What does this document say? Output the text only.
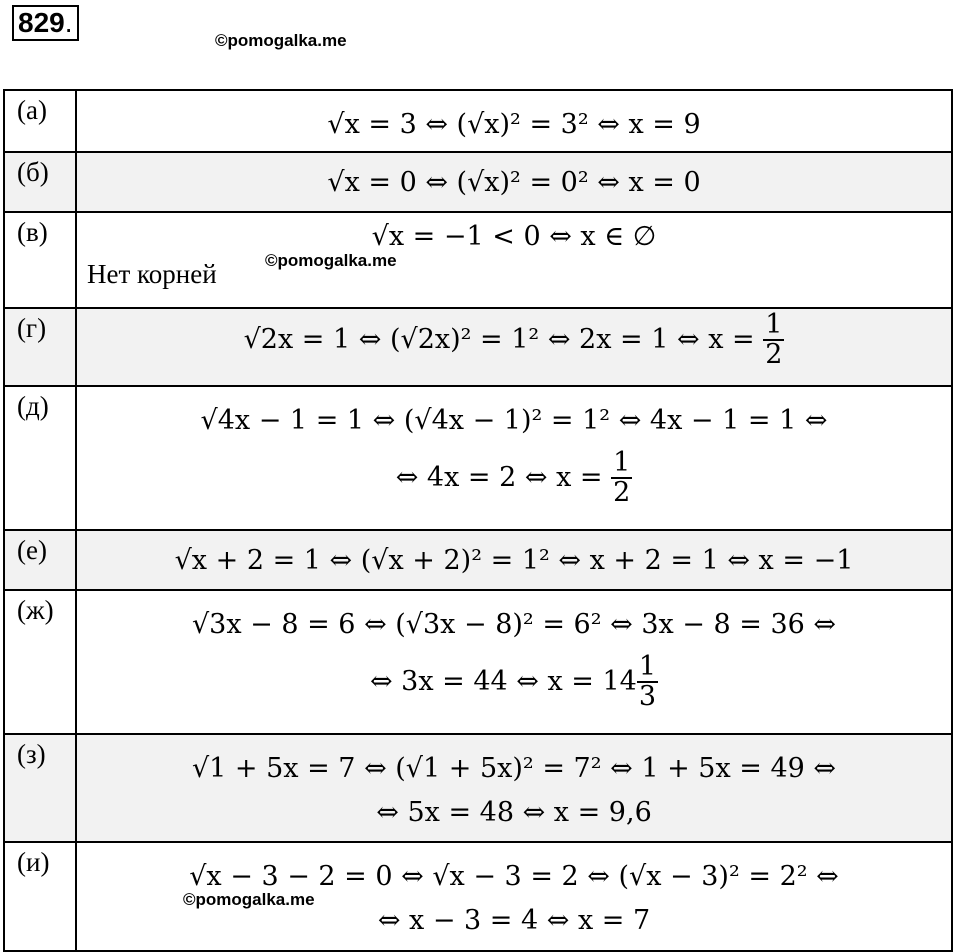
829.
©pomogalka.me
(а)	√x = 3 ⇔ (√x)² = 3² ⇔ x = 9

(б)	√x = 0 ⇔ (√x)² = 0² ⇔ x = 0

(в)	√x = −1 < 0 ⇔ x ∈ ∅
Нет корней ©pomogalka.me

(г)	√2x = 1 ⇔ (√2x)² = 1² ⇔ 2x = 1 ⇔ $x = \frac{1}{2}$

(д)	√4x − 1 = 1 ⇔ (√4x − 1)² = 1² ⇔ 4x − 1 = 1 ⇔
⇔ 4x = 2 ⇔ $x = \frac{1}{2}$

(е)	√x + 2 = 1 ⇔ (√x + 2)² = 1² ⇔ x + 2 = 1 ⇔ x = −1

(ж)	√3x − 8 = 6 ⇔ (√3x − 8)² = 6² ⇔ 3x − 8 = 36 ⇔
⇔ 3x = 44 ⇔ $x = 14 \frac{1}{3}$

(з)	√1 + 5x = 7 ⇔ (√1 + 5x)² = 7² ⇔ 1 + 5x = 49 ⇔
⇔ 5x = 48 ⇔ x = 9,6

(и)	√x − 3 − 2 = 0 ⇔ √x − 3 = 2 ⇔ (√x − 3)² = 2² ⇔
⇔ x − 3 = 4 ⇔ x = 7
©pomogalka.me
